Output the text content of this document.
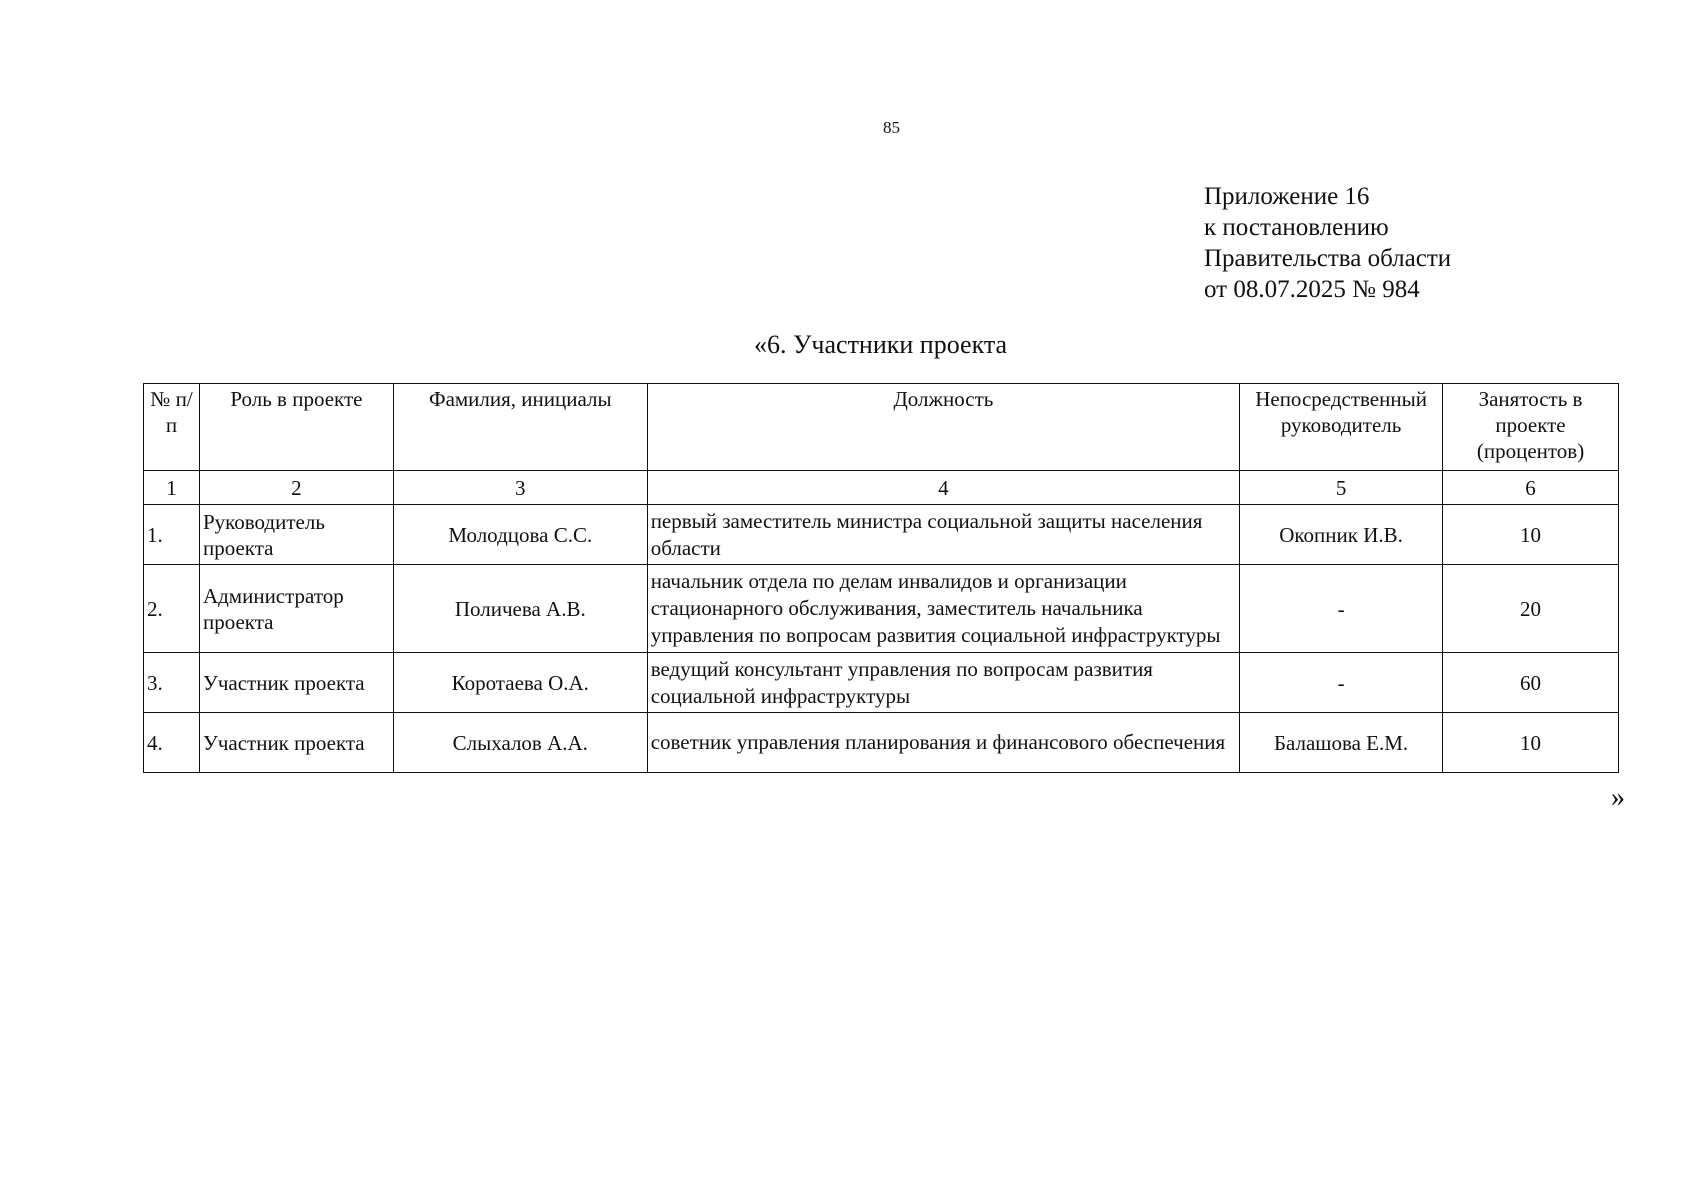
85
Приложение 16
к постановлению
Правительства области
от 08.07.2025 № 984
«6. Участники проекта
№ п/п	Роль в проекте	Фамилия, инициалы	Должность	Непосредственный руководитель	Занятость в проекте (процентов)
1	2	3	4	5	6
1.	Руководитель проекта	Молодцова С.С.	первый заместитель министра социальной защиты населения области	Окопник И.В.	10
2.	Администратор проекта	Поличева А.В.	начальник отдела по делам инвалидов и организации стационарного обслуживания, заместитель начальника управления по вопросам развития социальной инфраструктуры	-	20
3.	Участник проекта	Коротаева О.А.	ведущий консультант управления по вопросам развития социальной инфраструктуры	-	60
4.	Участник проекта	Слыхалов А.А.	советник управления планирования и финансового обеспечения	Балашова Е.М.	10
»
